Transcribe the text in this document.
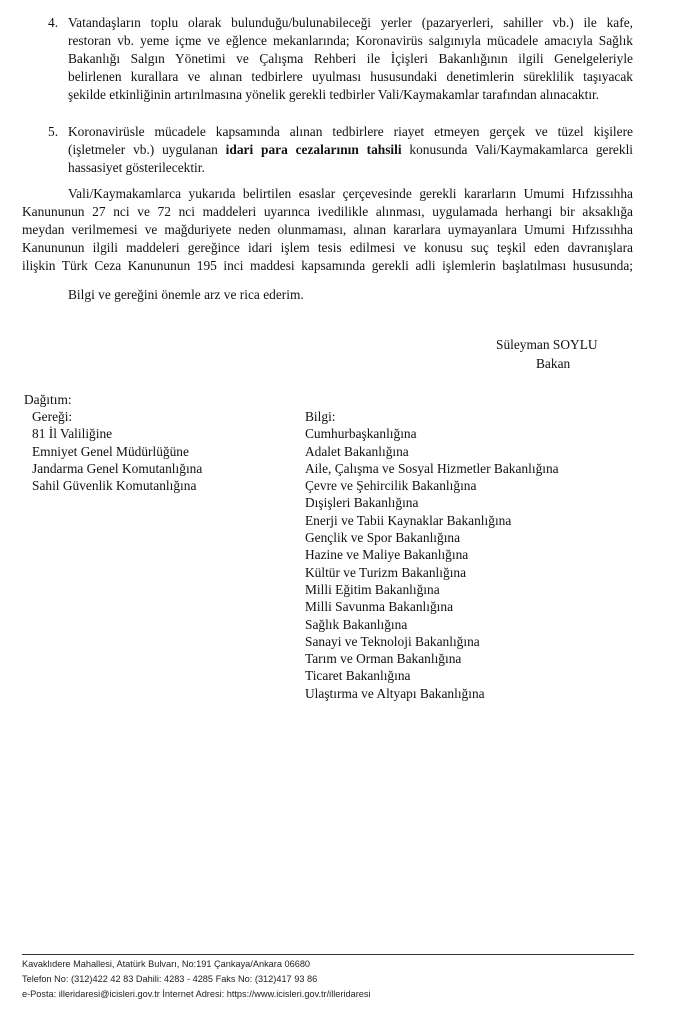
4. Vatandaşların toplu olarak bulunduğu/bulunabileceği yerler (pazaryerleri, sahiller vb.) ile kafe,
restoran vb. yeme içme ve eğlence mekanlarında; Koronavirüs salgınıyla mücadele amacıyla Sağlık
Bakanlığı Salgın Yönetimi ve Çalışma Rehberi ile İçişleri Bakanlığının ilgili Genelgeleriyle
belirlenen kurallara ve alınan tedbirlere uyulması hususundaki denetimlerin süreklilik taşıyacak
şekilde etkinliğinin artırılmasına yönelik gerekli tedbirler Vali/Kaymakamlar tarafından alınacaktır.
5. Koronavirüsle mücadele kapsamında alınan tedbirlere riayet etmeyen gerçek ve tüzel kişilere
(işletmeler vb.) uygulanan idari para cezalarının tahsili konusunda Vali/Kaymakamlarca gerekli
hassasiyet gösterilecektir.
Vali/Kaymakamlarca yukarıda belirtilen esaslar çerçevesinde gerekli kararların Umumi Hıfzıssıhha
Kanununun 27 nci ve 72 nci maddeleri uyarınca ivedilikle alınması, uygulamada herhangi bir aksaklığa
meydan verilmemesi ve mağduriyete neden olunmaması, alınan kararlara uymayanlara Umumi Hıfzıssıhha
Kanununun ilgili maddeleri gereğince idari işlem tesis edilmesi ve konusu suç teşkil eden davranışlara
ilişkin Türk Ceza Kanununun 195 inci maddesi kapsamında gerekli adli işlemlerin başlatılması hususunda;
Bilgi ve gereğini önemle arz ve rica ederim.
Süleyman SOYLU
Bakan
Dağıtım:
Gereği:
81 İl Valiliğine
Emniyet Genel Müdürlüğüne
Jandarma Genel Komutanlığına
Sahil Güvenlik Komutanlığına
Bilgi:
Cumhurbaşkanlığına
Adalet Bakanlığına
Aile, Çalışma ve Sosyal Hizmetler Bakanlığına
Çevre ve Şehircilik Bakanlığına
Dışişleri Bakanlığına
Enerji ve Tabii Kaynaklar Bakanlığına
Gençlik ve Spor Bakanlığına
Hazine ve Maliye Bakanlığına
Kültür ve Turizm Bakanlığına
Milli Eğitim Bakanlığına
Milli Savunma Bakanlığına
Sağlık Bakanlığına
Sanayi ve Teknoloji Bakanlığına
Tarım ve Orman Bakanlığına
Ticaret Bakanlığına
Ulaştırma ve Altyapı Bakanlığına
Kavaklıdere Mahallesi, Atatürk Bulvarı, No:191 Çankaya/Ankara 06680
Telefon No: (312)422 42 83 Dahili: 4283 - 4285 Faks No: (312)417 93 86
e-Posta: illeridaresi@icisleri.gov.tr İnternet Adresi: https://www.icisleri.gov.tr/illeridaresi
